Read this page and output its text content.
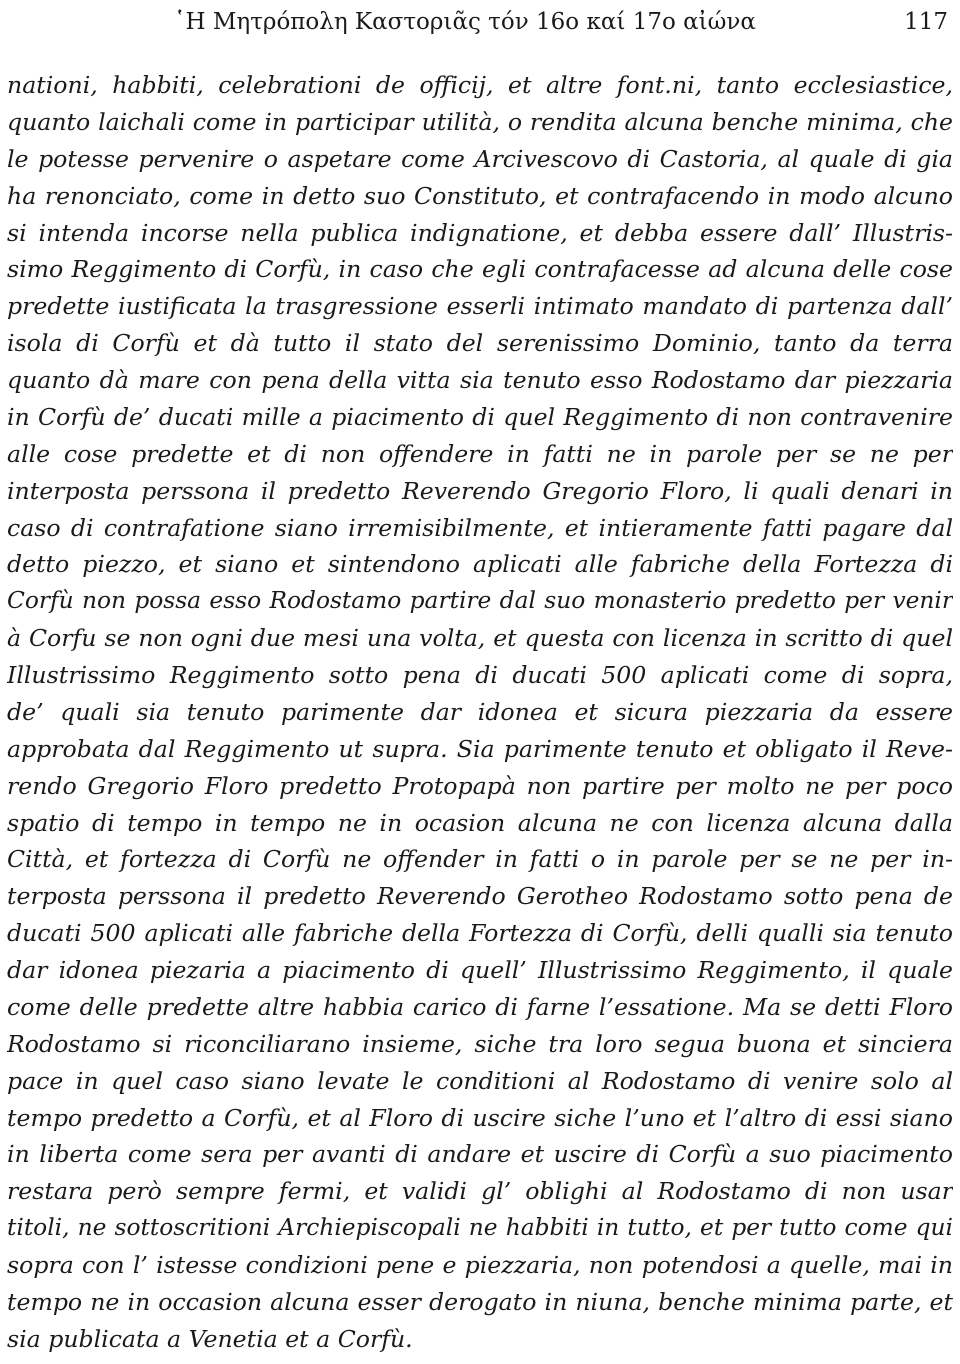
῾Η Μητρόπολη Καστοριᾶς τόν 16ο καί 17ο αἰώνα	117
nationi, habbiti, celebrationi de officij, et altre font.ni, tanto ecclesiastice,
quanto laichali come in participar utilità, o rendita alcuna benche minima, che
le potesse pervenire o aspetare come Arcivescovo di Castoria, al quale di gia
ha renonciato, come in detto suo Constituto, et contrafacendo in modo alcuno
si intenda incorse nella publica indignatione, et debba essere dall’ Illustris-
simo Reggimento di Corfù, in caso che egli contrafacesse ad alcuna delle cose
predette iustificata la trasgressione esserli intimato mandato di partenza dall’
isola di Corfù et dà tutto il stato del serenissimo Dominio, tanto da terra
quanto dà mare con pena della vitta sia tenuto esso Rodostamo dar piezzaria
in Corfù de’ ducati mille a piacimento di quel Reggimento di non contravenire
alle cose predette et di non offendere in fatti ne in parole per se ne per
interposta perssona il predetto Reverendo Gregorio Floro, li quali denari in
caso di contrafatione siano irremisibilmente, et intieramente fatti pagare dal
detto piezzo, et siano et sintendono aplicati alle fabriche della Fortezza di
Corfù non possa esso Rodostamo partire dal suo monasterio predetto per venir
à Corfu se non ogni due mesi una volta, et questa con licenza in scritto di quel
Illustrissimo Reggimento sotto pena di ducati 500 aplicati come di sopra,
de’ quali sia tenuto parimente dar idonea et sicura piezzaria da essere
approbata dal Reggimento ut supra. Sia parimente tenuto et obligato il Reve-
rendo Gregorio Floro predetto Protopapà non partire per molto ne per poco
spatio di tempo in tempo ne in ocasion alcuna ne con licenza alcuna dalla
Città, et fortezza di Corfù ne offender in fatti o in parole per se ne per in-
terposta perssona il predetto Reverendo Gerotheo Rodostamo sotto pena de
ducati 500 aplicati alle fabriche della Fortezza di Corfù, delli qualli sia tenuto
dar idonea piezaria a piacimento di quell’ Illustrissimo Reggimento, il quale
come delle predette altre habbia carico di farne l’essatione. Ma se detti Floro
Rodostamo si riconciliarano insieme, siche tra loro segua buona et sinciera
pace in quel caso siano levate le conditioni al Rodostamo di venire solo al
tempo predetto a Corfù, et al Floro di uscire siche l’uno et l’altro di essi siano
in liberta come sera per avanti di andare et uscire di Corfù a suo piacimento
restara però sempre fermi, et validi gl’ oblighi al Rodostamo di non usar
titoli, ne sottoscritioni Archiepiscopali ne habbiti in tutto, et per tutto come qui
sopra con l’ istesse condizioni pene e piezzaria, non potendosi a quelle, mai in
tempo ne in occasion alcuna esser derogato in niuna, benche minima parte, et
sia publicata a Venetia et a Corfù.
